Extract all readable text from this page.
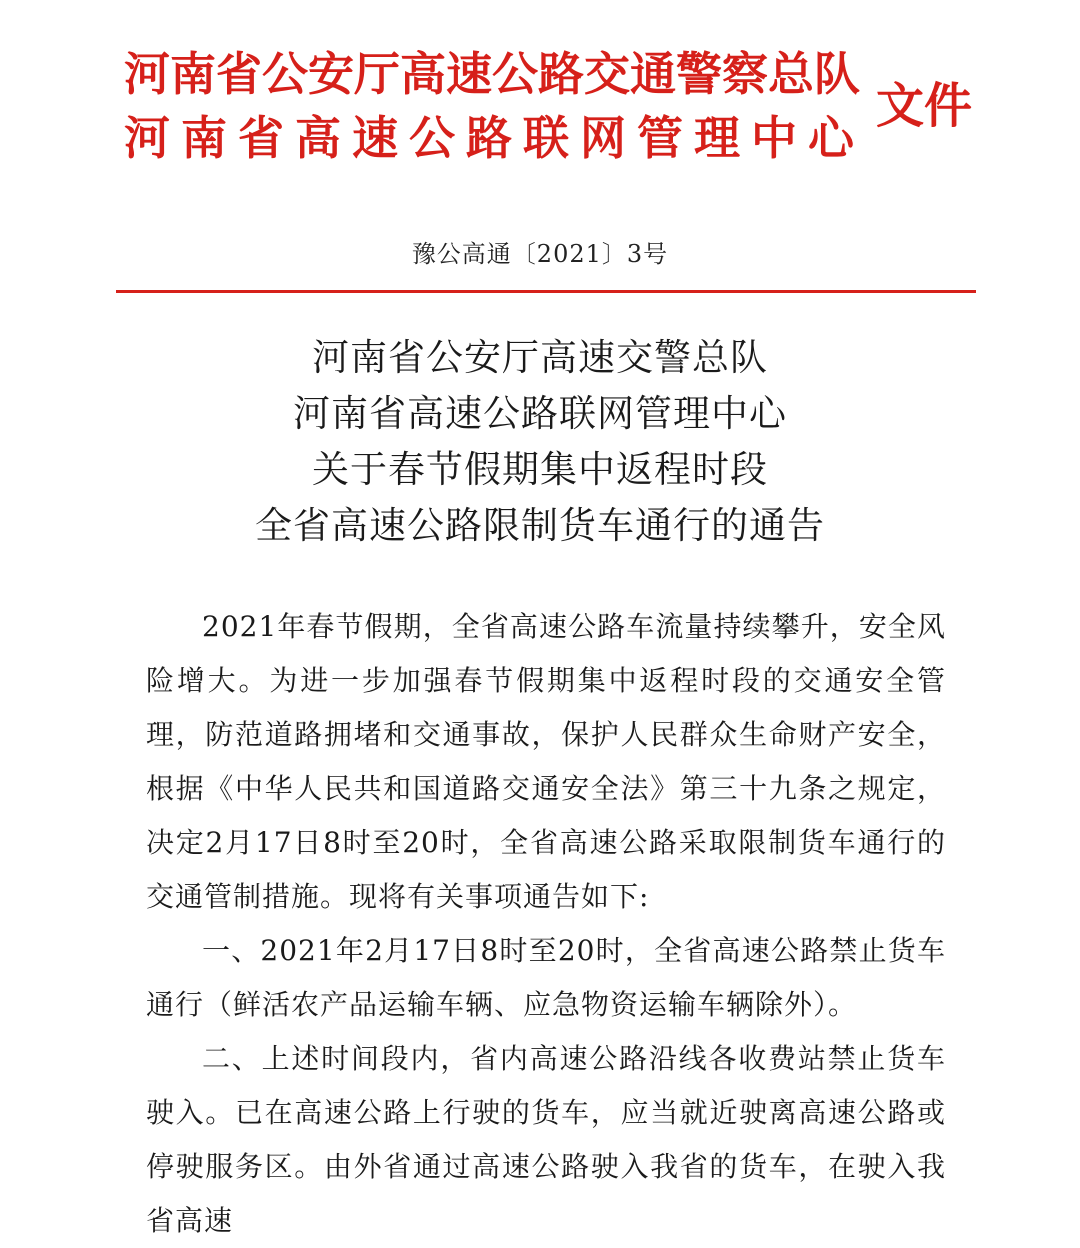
河南省公安厅高速公路交通警察总队
河南省高速公路联网管理中心
文件
豫公高通〔2021〕3号
河南省公安厅高速交警总队
河南省高速公路联网管理中心
关于春节假期集中返程时段
全省高速公路限制货车通行的通告

2021年春节假期，全省高速公路车流量持续攀升，安全风险增大。为进一步加强春节假期集中返程时段的交通安全管理，防范道路拥堵和交通事故，保护人民群众生命财产安全，根据《中华人民共和国道路交通安全法》第三十九条之规定，决定2月17日8时至20时，全省高速公路采取限制货车通行的交通管制措施。现将有关事项通告如下:

一、2021年2月17日8时至20时，全省高速公路禁止货车通行（鲜活农产品运输车辆、应急物资运输车辆除外）。

二、上述时间段内，省内高速公路沿线各收费站禁止货车驶入。已在高速公路上行驶的货车，应当就近驶离高速公路或停驶服务区。由外省通过高速公路驶入我省的货车，在驶入我省高速
